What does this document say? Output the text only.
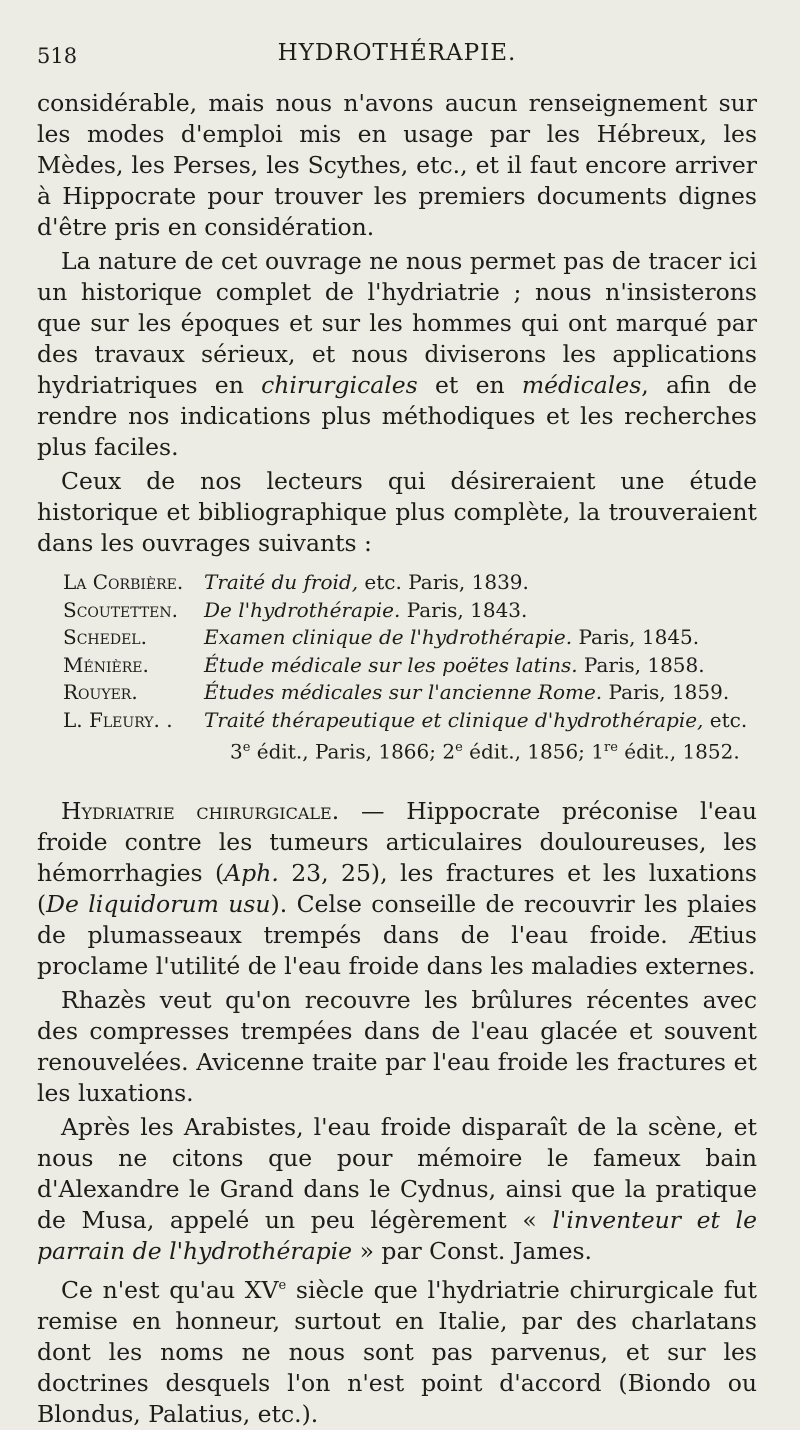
518	HYDROTHÉRAPIE.

considérable, mais nous n'avons aucun renseignement sur les modes d'emploi mis en usage par les Hébreux, les Mèdes, les Perses, les Scythes, etc., et il faut encore arriver à Hippocrate pour trouver les premiers documents dignes d'être pris en considération.

La nature de cet ouvrage ne nous permet pas de tracer ici un historique complet de l'hydriatrie ; nous n'insisterons que sur les époques et sur les hommes qui ont marqué par des travaux sérieux, et nous diviserons les applications hydriatriques en chirurgicales et en médicales, afin de rendre nos indications plus méthodiques et les recherches plus faciles.

Ceux de nos lecteurs qui désireraient une étude historique et bibliographique plus complète, la trouveraient dans les ouvrages suivants :

La Corbière.	Traité du froid, etc. Paris, 1839.
Scoutetten.	De l'hydrothérapie. Paris, 1843.
Schedel.	Examen clinique de l'hydrothérapie. Paris, 1845.
Ménière.	Étude médicale sur les poëtes latins. Paris, 1858.
Rouyer.	Études médicales sur l'ancienne Rome. Paris, 1859.
L. Fleury. .	Traité thérapeutique et clinique d'hydrothérapie, etc.
3e édit., Paris, 1866; 2e édit., 1856; 1re édit., 1852.

Hydriatrie chirurgicale. — Hippocrate préconise l'eau froide contre les tumeurs articulaires douloureuses, les hémorrhagies (Aph. 23, 25), les fractures et les luxations (De liquidorum usu). Celse conseille de recouvrir les plaies de plumasseaux trempés dans de l'eau froide. Ætius proclame l'utilité de l'eau froide dans les maladies externes.

Rhazès veut qu'on recouvre les brûlures récentes avec des compresses trempées dans de l'eau glacée et souvent renouvelées. Avicenne traite par l'eau froide les fractures et les luxations.

Après les Arabistes, l'eau froide disparaît de la scène, et nous ne citons que pour mémoire le fameux bain d'Alexandre le Grand dans le Cydnus, ainsi que la pratique de Musa, appelé un peu légèrement « l'inventeur et le parrain de l'hydrothérapie » par Const. James.

Ce n'est qu'au XVe siècle que l'hydriatrie chirurgicale fut remise en honneur, surtout en Italie, par des charlatans dont les noms ne nous sont pas parvenus, et sur les doctrines desquels l'on n'est point d'accord (Biondo ou Blondus, Palatius, etc.).
